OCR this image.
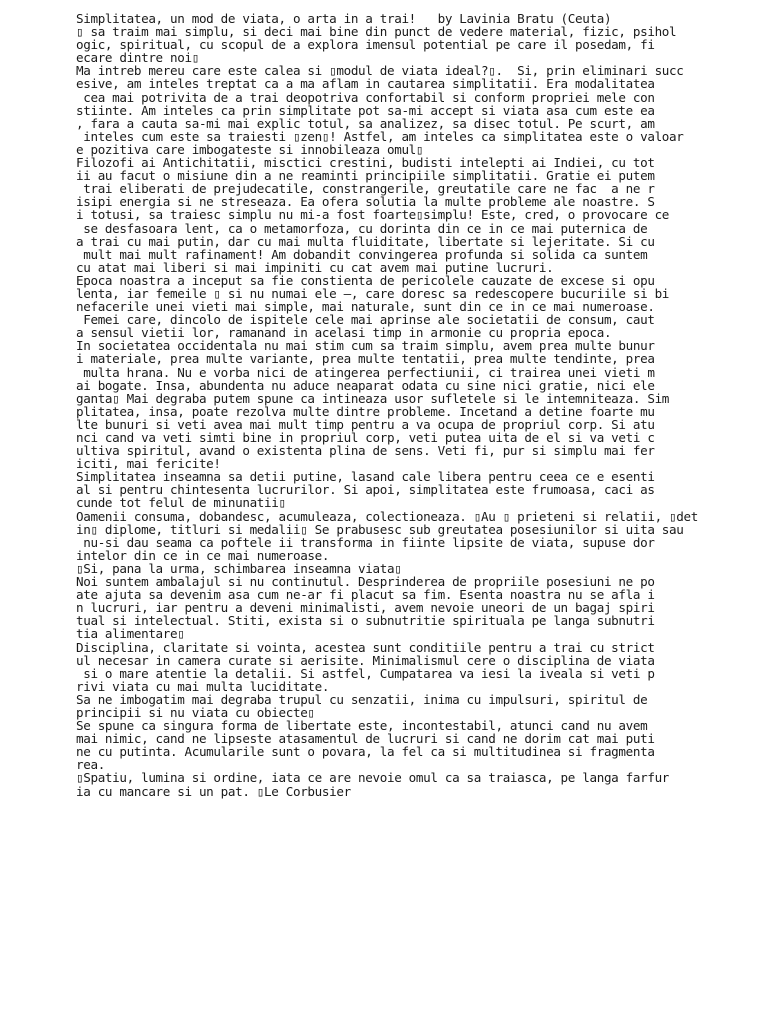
Simplitatea, un mod de viata, o arta in a trai!   by Lavinia Bratu (Ceuta)
▯ sa traim mai simplu, si deci mai bine din punct de vedere material, fizic, psihol
ogic, spiritual, cu scopul de a explora imensul potential pe care il posedam, fi
ecare dintre noi▯
Ma intreb mereu care este calea si ▯modul de viata ideal?▯.  Si, prin eliminari succ
esive, am inteles treptat ca a ma aflam in cautarea simplitatii. Era modalitatea
cea mai potrivita de a trai deopotriva confortabil si conform propriei mele con
stiinte. Am inteles ca prin simplitate pot sa-mi accept si viata asa cum este ea
, fara a cauta sa-mi mai explic totul, sa analizez, sa disec totul. Pe scurt, am
inteles cum este sa traiesti ▯zen▯! Astfel, am inteles ca simplitatea este o valoar
e pozitiva care imbogateste si innobileaza omul▯
Filozofi ai Antichitatii, misctici crestini, budisti intelepti ai Indiei, cu tot
ii au facut o misiune din a ne reaminti principiile simplitatii. Gratie ei putem
trai eliberati de prejudecatile, constrangerile, greutatile care ne fac  a ne r
isipi energia si ne streseaza. Ea ofera solutia la multe probleme ale noastre. S
i totusi, sa traiesc simplu nu mi-a fost foarte▯simplu! Este, cred, o provocare ce
se desfasoara lent, ca o metamorfoza, cu dorinta din ce in ce mai puternica de
a trai cu mai putin, dar cu mai multa fluiditate, libertate si lejeritate. Si cu
mult mai mult rafinament! Am dobandit convingerea profunda si solida ca suntem
cu atat mai liberi si mai impiniti cu cat avem mai putine lucruri.
Epoca noastra a inceput sa fie constienta de pericolele cauzate de excese si opu
lenta, iar femeile ▯ si nu numai ele –, care doresc sa redescopere bucuriile si bi
nefacerile unei vieti mai simple, mai naturale, sunt din ce in ce mai numeroase.
Femei care, dincolo de ispitele cele mai aprinse ale societatii de consum, caut
a sensul vietii lor, ramanand in acelasi timp in armonie cu propria epoca.
In societatea occidentala nu mai stim cum sa traim simplu, avem prea multe bunur
i materiale, prea multe variante, prea multe tentatii, prea multe tendinte, prea
multa hrana. Nu e vorba nici de atingerea perfectiunii, ci trairea unei vieti m
ai bogate. Insa, abundenta nu aduce neaparat odata cu sine nici gratie, nici ele
ganta▯ Mai degraba putem spune ca intineaza usor sufletele si le intemniteaza. Sim
plitatea, insa, poate rezolva multe dintre probleme. Incetand a detine foarte mu
lte bunuri si veti avea mai mult timp pentru a va ocupa de propriul corp. Si atu
nci cand va veti simti bine in propriul corp, veti putea uita de el si va veti c
ultiva spiritul, avand o existenta plina de sens. Veti fi, pur si simplu mai fer
iciti, mai fericite!
Simplitatea inseamna sa detii putine, lasand cale libera pentru ceea ce e esenti
al si pentru chintesenta lucrurilor. Si apoi, simplitatea este frumoasa, caci as
cunde tot felul de minunatii▯
Oamenii consuma, dobandesc, acumuleaza, colectioneaza. ▯Au ▯ prieteni si relatii, ▯det
in▯ diplome, titluri si medalii▯ Se prabusesc sub greutatea posesiunilor si uita sau
nu-si dau seama ca poftele ii transforma in fiinte lipsite de viata, supuse dor
intelor din ce in ce mai numeroase.
▯Si, pana la urma, schimbarea inseamna viata▯
Noi suntem ambalajul si nu continutul. Desprinderea de propriile posesiuni ne po
ate ajuta sa devenim asa cum ne-ar fi placut sa fim. Esenta noastra nu se afla i
n lucruri, iar pentru a deveni minimalisti, avem nevoie uneori de un bagaj spiri
tual si intelectual. Stiti, exista si o subnutritie spirituala pe langa subnutri
tia alimentare▯
Disciplina, claritate si vointa, acestea sunt conditiile pentru a trai cu strict
ul necesar in camera curate si aerisite. Minimalismul cere o disciplina de viata
si o mare atentie la detalii. Si astfel, Cumpatarea va iesi la iveala si veti p
rivi viata cu mai multa luciditate.
Sa ne imbogatim mai degraba trupul cu senzatii, inima cu impulsuri, spiritul de
principii si nu viata cu obiecte▯
Se spune ca singura forma de libertate este, incontestabil, atunci cand nu avem
mai nimic, cand ne lipseste atasamentul de lucruri si cand ne dorim cat mai puti
ne cu putinta. Acumularile sunt o povara, la fel ca si multitudinea si fragmenta
rea.
▯Spatiu, lumina si ordine, iata ce are nevoie omul ca sa traiasca, pe langa farfur
ia cu mancare si un pat. ▯Le Corbusier
